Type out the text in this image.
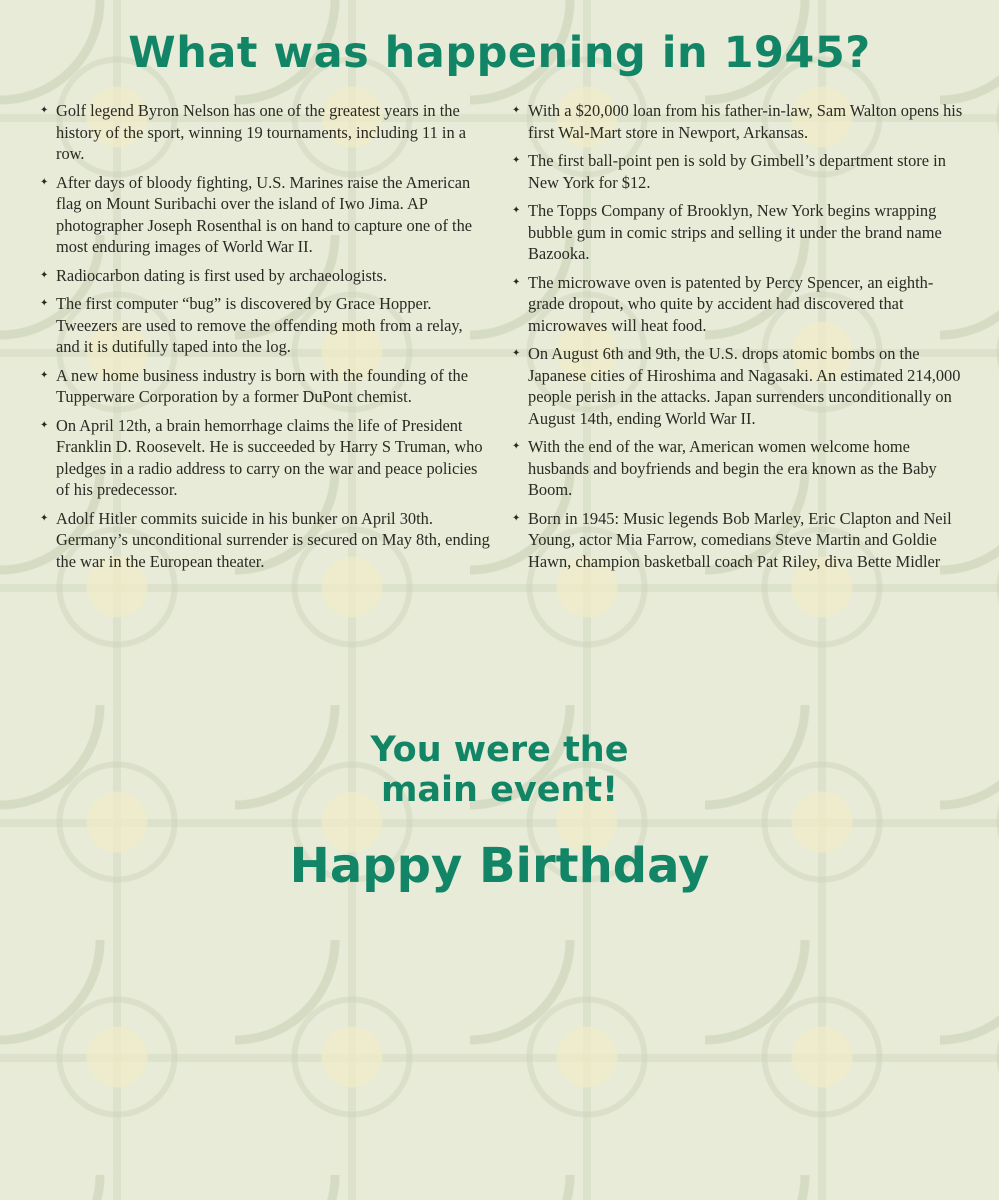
What was happening in 1945?
✦ Golf legend Byron Nelson has one of the greatest years in the history of the sport, winning 19 tournaments, including 11 in a row.
✦ After days of bloody fighting, U.S. Marines raise the American flag on Mount Suribachi over the island of Iwo Jima. AP photographer Joseph Rosenthal is on hand to capture one of the most enduring images of World War II.
✦ Radiocarbon dating is first used by archaeologists.
✦ The first computer “bug” is discovered by Grace Hopper. Tweezers are used to remove the offending moth from a relay, and it is dutifully taped into the log.
✦ A new home business industry is born with the founding of the Tupperware Corporation by a former DuPont chemist.
✦ On April 12th, a brain hemorrhage claims the life of President Franklin D. Roosevelt. He is succeeded by Harry S Truman, who pledges in a radio address to carry on the war and peace policies of his predecessor.
✦ Adolf Hitler commits suicide in his bunker on April 30th. Germany’s unconditional surrender is secured on May 8th, ending the war in the European theater.
✦ With a $20,000 loan from his father-in-law, Sam Walton opens his first Wal-Mart store in Newport, Arkansas.
✦ The first ball-point pen is sold by Gimbell’s department store in New York for $12.
✦ The Topps Company of Brooklyn, New York begins wrapping bubble gum in comic strips and selling it under the brand name Bazooka.
✦ The microwave oven is patented by Percy Spencer, an eighth-grade dropout, who quite by accident had discovered that microwaves will heat food.
✦ On August 6th and 9th, the U.S. drops atomic bombs on the Japanese cities of Hiroshima and Nagasaki. An estimated 214,000 people perish in the attacks. Japan surrenders unconditionally on August 14th, ending World War II.
✦ With the end of the war, American women welcome home husbands and boyfriends and begin the era known as the Baby Boom.
✦ Born in 1945: Music legends Bob Marley, Eric Clapton and Neil Young, actor Mia Farrow, comedians Steve Martin and Goldie Hawn, champion basketball coach Pat Riley, diva Bette Midler
You were the
main event!
Happy Birthday
